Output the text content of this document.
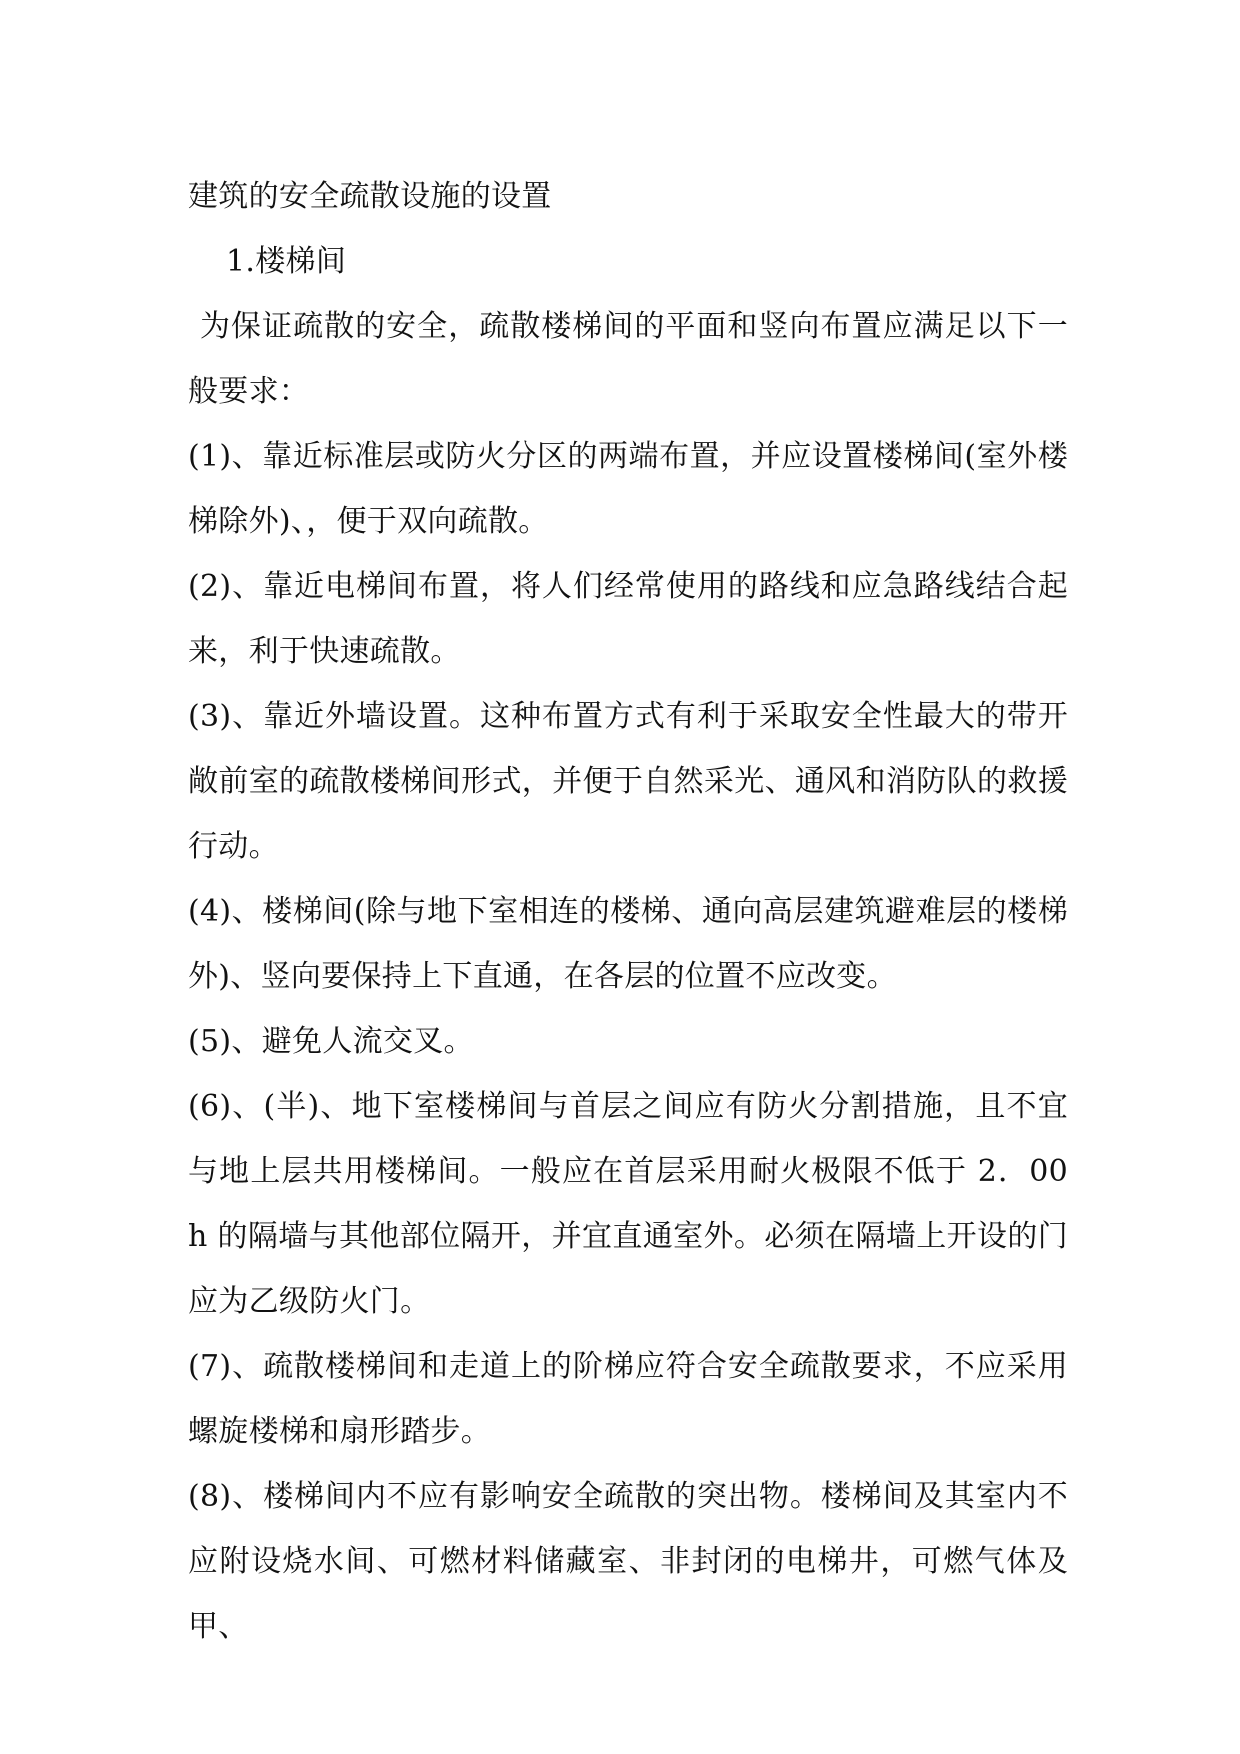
建筑的安全疏散设施的设置

1.楼梯间

为保证疏散的安全，疏散楼梯间的平面和竖向布置应满足以下一般要求：

(1)、靠近标准层或防火分区的两端布置，并应设置楼梯间(室外楼梯除外)、，便于双向疏散。

(2)、靠近电梯间布置，将人们经常使用的路线和应急路线结合起来，利于快速疏散。

(3)、靠近外墙设置。这种布置方式有利于采取安全性最大的带开敞前室的疏散楼梯间形式，并便于自然采光、通风和消防队的救援行动。

(4)、楼梯间(除与地下室相连的楼梯、通向高层建筑避难层的楼梯外)、竖向要保持上下直通，在各层的位置不应改变。

(5)、避免人流交叉。

(6)、(半)、地下室楼梯间与首层之间应有防火分割措施，且不宜与地上层共用楼梯间。一般应在首层采用耐火极限不低于 2．00 h 的隔墙与其他部位隔开，并宜直通室外。必须在隔墙上开设的门应为乙级防火门。

(7)、疏散楼梯间和走道上的阶梯应符合安全疏散要求，不应采用螺旋楼梯和扇形踏步。

(8)、楼梯间内不应有影响安全疏散的突出物。楼梯间及其室内不应附设烧水间、可燃材料储藏室、非封闭的电梯井，可燃气体及甲、
